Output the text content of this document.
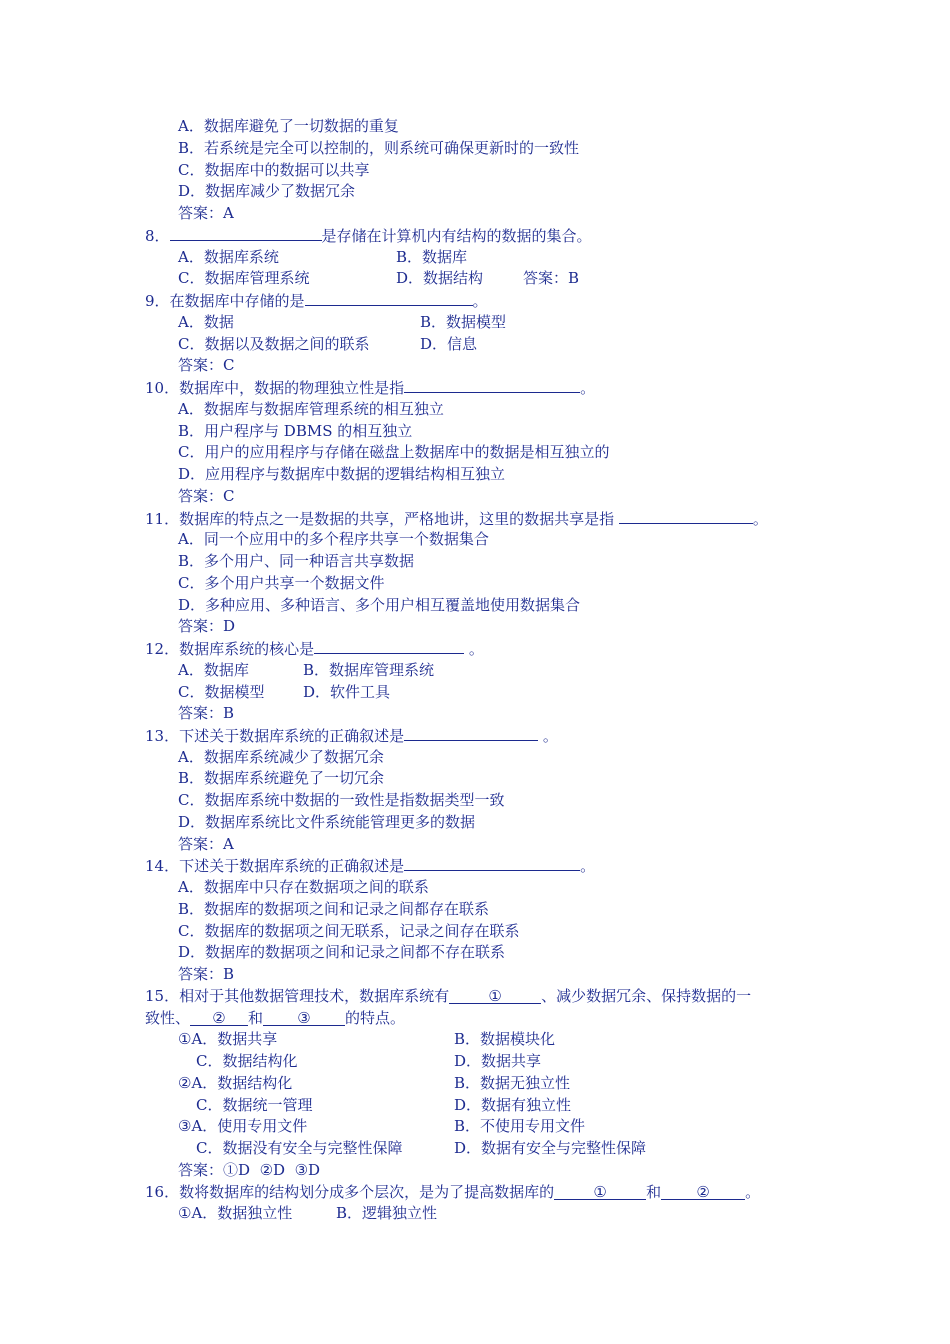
A．数据库避免了一切数据的重复
B．若系统是完全可以控制的，则系统可确保更新时的一致性
C．数据库中的数据可以共享
D．数据库减少了数据冗余
答案：A
8．	是存储在计算机内有结构的数据的集合。
A．数据库系统	B．数据库
C．数据库管理系统	D．数据结构	答案：B
9．在数据库中存储的是	。
A．数据	B．数据模型
C．数据以及数据之间的联系	D．信息
答案：C
10．数据库中，数据的物理独立性是指	。
A．数据库与数据库管理系统的相互独立
B．用户程序与 DBMS 的相互独立
C．用户的应用程序与存储在磁盘上数据库中的数据是相互独立的
D．应用程序与数据库中数据的逻辑结构相互独立
答案：C
11．数据库的特点之一是数据的共享，严格地讲，这里的数据共享是指	。
A．同一个应用中的多个程序共享一个数据集合
B．多个用户、同一种语言共享数据
C．多个用户共享一个数据文件
D．多种应用、多种语言、多个用户相互覆盖地使用数据集合
答案：D
12．数据库系统的核心是	。
A．数据库	B．数据库管理系统
C．数据模型	D．软件工具
答案：B
13．下述关于数据库系统的正确叙述是	。
A．数据库系统减少了数据冗余
B．数据库系统避免了一切冗余
C．数据库系统中数据的一致性是指数据类型一致
D．数据库系统比文件系统能管理更多的数据
答案：A
14．下述关于数据库系统的正确叙述是	。
A．数据库中只存在数据项之间的联系
B．数据库的数据项之间和记录之间都存在联系
C．数据库的数据项之间无联系，记录之间存在联系
D．数据库的数据项之间和记录之间都不存在联系
答案：B
15．相对于其他数据管理技术，数据库系统有	①	、减少数据冗余、保持数据的一
致性、 ② 和 ③ 的特点。
①A．数据共享	B．数据模块化
C．数据结构化	D．数据共享
②A．数据结构化	B．数据无独立性
C．数据统一管理	D．数据有独立性
③A．使用专用文件	B．不使用专用文件
C．数据没有安全与完整性保障	D．数据有安全与完整性保障
答案：①D  ②D  ③D
16．数将数据库的结构划分成多个层次，是为了提高数据库的	①	和 ② 。
①A．数据独立性	B．逻辑独立性
